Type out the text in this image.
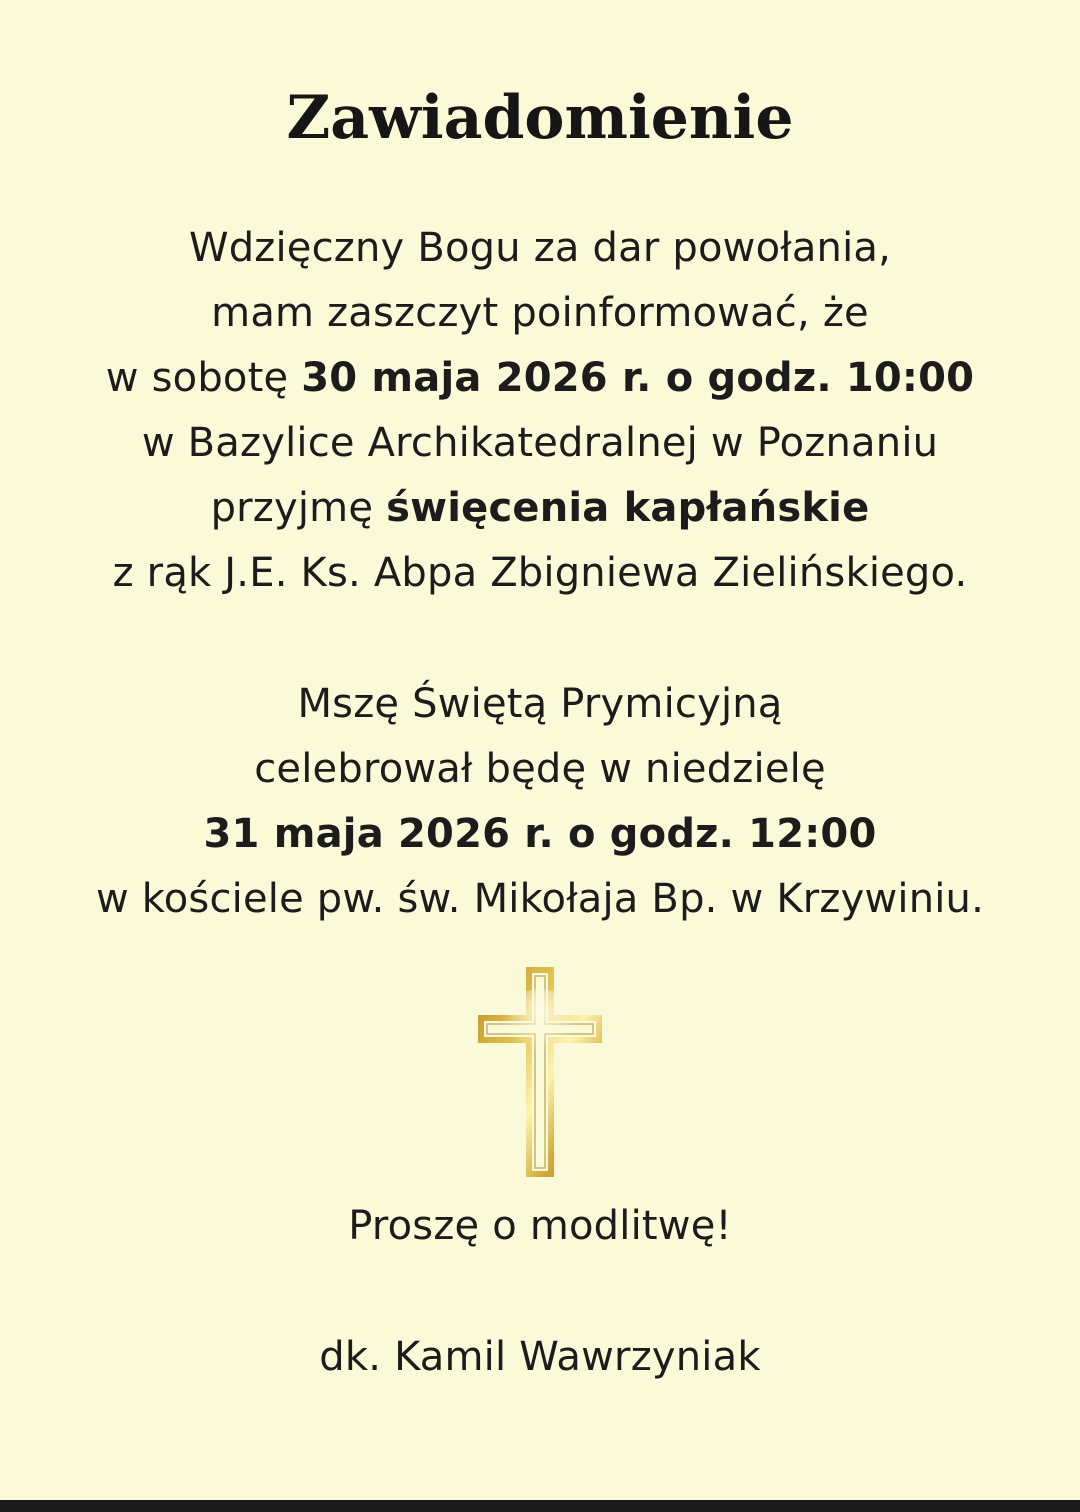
Zawiadomienie
Wdzięczny Bogu za dar powołania,
mam zaszczyt poinformować, że
w sobotę 30 maja 2026 r. o godz. 10:00
w Bazylice Archikatedralnej w Poznaniu
przyjmę święcenia kapłańskie
z rąk J.E. Ks. Abpa Zbigniewa Zielińskiego.
Mszę Świętą Prymicyjną
celebrował będę w niedzielę
31 maja 2026 r. o godz. 12:00
w kościele pw. św. Mikołaja Bp. w Krzywiniu.
Proszę o modlitwę!
dk. Kamil Wawrzyniak
